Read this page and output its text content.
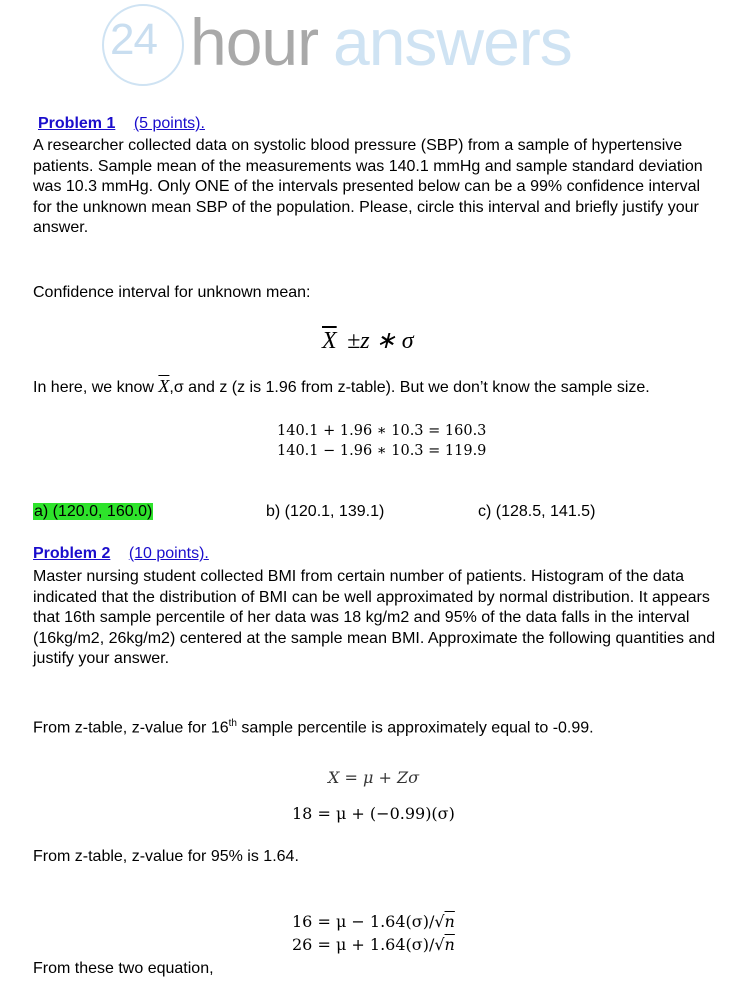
24 hour answers
Problem 1 (5 points).
A researcher collected data on systolic blood pressure (SBP) from a sample of hypertensive patients. Sample mean of the measurements was 140.1 mmHg and sample standard deviation was 10.3 mmHg. Only ONE of the intervals presented below can be a 99% confidence interval for the unknown mean SBP of the population. Please, circle this interval and briefly justify your answer.
Confidence interval for unknown mean:
$\overline{X} \pm z$ ∗ σ
In here, we know $\overline{X},\sigma$ and z (z is 1.96 from z-table). But we don’t know the sample size.
140.1 + 1.96 ∗ 10.3 = 160.3
140.1 − 1.96 ∗ 10.3 = 119.9
a) (120.0, 160.0)	b) (120.1, 139.1)	c) (128.5, 141.5)
Problem 2 (10 points).
Master nursing student collected BMI from certain number of patients. Histogram of the data indicated that the distribution of BMI can be well approximated by normal distribution. It appears that 16th sample percentile of her data was 18 kg/m2 and 95% of the data falls in the interval (16kg/m2, 26kg/m2) centered at the sample mean BMI. Approximate the following quantities and justify your answer.
From z-table, z-value for 16th sample percentile is approximately equal to -0.99.
X = μ + Zσ
18 = μ + (−0.99)(σ)
From z-table, z-value for 95% is 1.64.
16 = μ − 1.64(σ)/√n
26 = μ + 1.64(σ)/√n
From these two equation,
